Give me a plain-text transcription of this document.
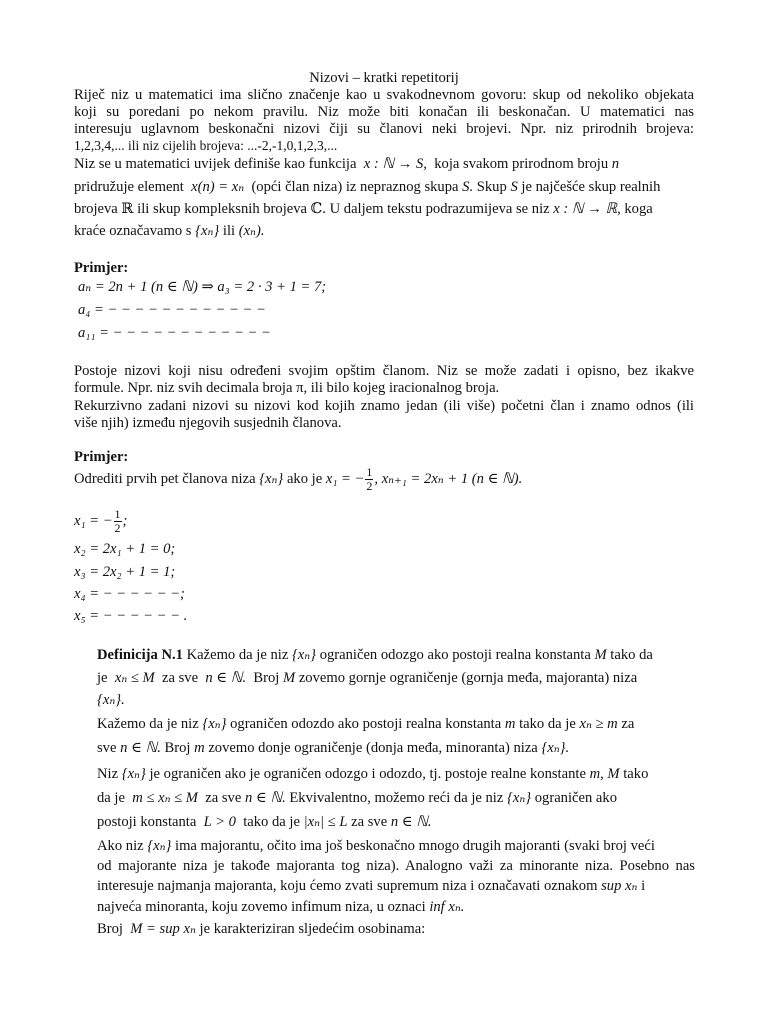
Nizovi – kratki repetitorij
Riječ niz u matematici ima slično značenje kao u svakodnevnom govoru: skup od nekoliko objekata
koji su poredani po nekom pravilu. Niz može biti konačan ili beskonačan. U matematici nas
interesuju uglavnom beskonačni nizovi čiji su članovi neki brojevi. Npr. niz prirodnih brojeva:
1,2,3,4,... ili niz cijelih brojeva: ...-2,-1,0,1,2,3,...
Niz se u matematici uvijek definiše kao funkcija x : ℕ → S, koja svakom prirodnom broju n
pridružuje element x(n) = xₙ (opći član niza) iz nepraznog skupa S. Skup S je najčešće skup realnih
brojeva ℝ ili skup kompleksnih brojeva ℂ. U daljem tekstu podrazumijeva se niz x : ℕ → ℝ, koga
kraće označavamo s {xₙ} ili (xₙ).
Primjer:
aₙ = 2n + 1 (n ∈ ℕ) ⇒ a₃ = 2 · 3 + 1 = 7;
a₄ = − − − − − − − − − − − −
a₁₁ = − − − − − − − − − − − −
Postoje nizovi koji nisu određeni svojim opštim članom. Niz se može zadati i opisno, bez ikakve
formule. Npr. niz svih decimala broja π, ili bilo kojeg iracionalnog broja.
Rekurzivno zadani nizovi su nizovi kod kojih znamo jedan (ili više) početni član i znamo odnos (ili
više njih) između njegovih susjednih članova.
Primjer:
Odrediti prvih pet članova niza {xₙ} ako je x₁ = − $\frac{1}{2}$ , xₙ₊₁ = 2xₙ + 1 (n ∈ ℕ).
x₁ = − $\frac{1}{2}$ ;
x₂ = 2x₁ + 1 = 0;
x₃ = 2x₂ + 1 = 1;
x₄ = − − − − − −;
x₅ = − − − − − − .
Definicija N.1 Kažemo da je niz {xₙ} ograničen odozgo ako postoji realna konstanta M tako da
je xₙ ≤ M za sve n ∈ ℕ. Broj M zovemo gornje ograničenje (gornja međa, majoranta) niza
{xₙ}.
Kažemo da je niz {xₙ} ograničen odozdo ako postoji realna konstanta m tako da je xₙ ≥ m za
sve n ∈ ℕ. Broj m zovemo donje ograničenje (donja međa, minoranta) niza {xₙ}.
Niz {xₙ} je ograničen ako je ograničen odozgo i odozdo, tj. postoje realne konstante m, M tako
da je m ≤ xₙ ≤ M za sve n ∈ ℕ. Ekvivalentno, možemo reći da je niz {xₙ} ograničen ako
postoji konstanta L > 0 tako da je |xₙ| ≤ L za sve n ∈ ℕ.
Ako niz {xₙ} ima majorantu, očito ima još beskonačno mnogo drugih majoranti (svaki broj veći
od majorante niza je takođe majoranta tog niza). Analogno važi za minorante niza. Posebno nas
interesuje najmanja majoranta, koju ćemo zvati supremum niza i označavati oznakom sup xₙ i
najveća minoranta, koju zovemo infimum niza, u oznaci inf xₙ.
Broj M = sup xₙ je karakteriziran sljedećim osobinama:
